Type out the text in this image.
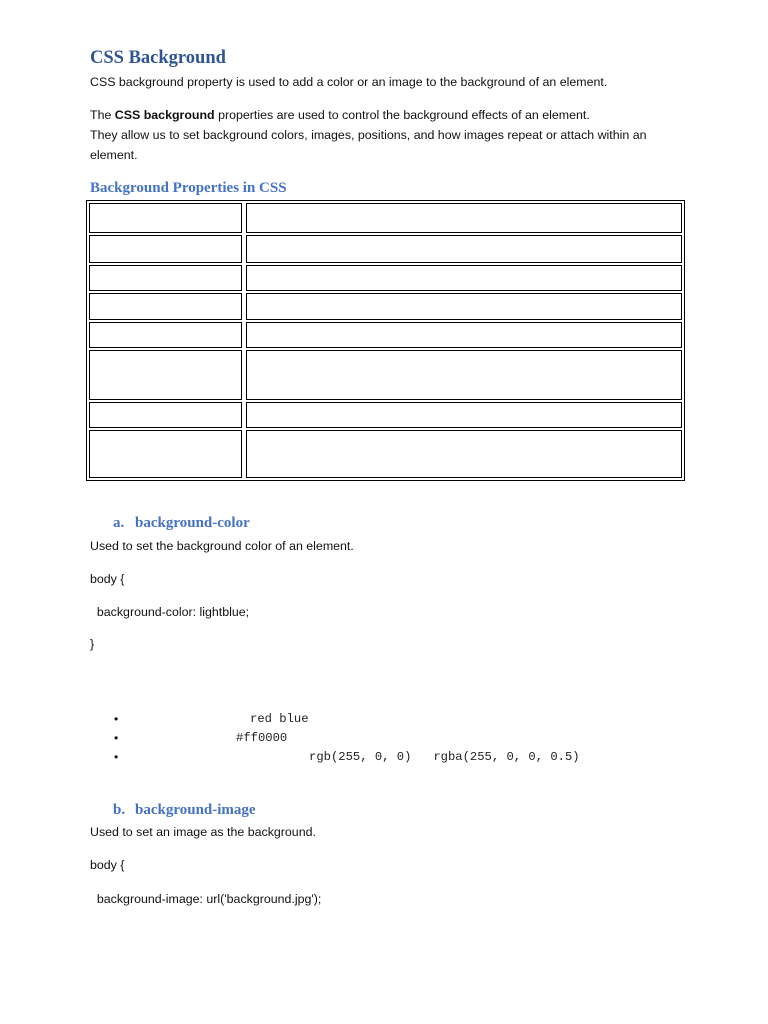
CSS Background
CSS background property is used to add a color or an image to the background of an element.
The CSS background properties are used to control the background effects of an element.
They allow us to set background colors, images, positions, and how images repeat or attach within an
element.
Background Properties in CSS
a. background-color
Used to set the background color of an element.
body {
background-color: lightblue;
}
•	red blue
•	#ff0000
•	rgb(255, 0, 0)   rgba(255, 0, 0, 0.5)
b. background-image
Used to set an image as the background.
body {
background-image: url('background.jpg');
